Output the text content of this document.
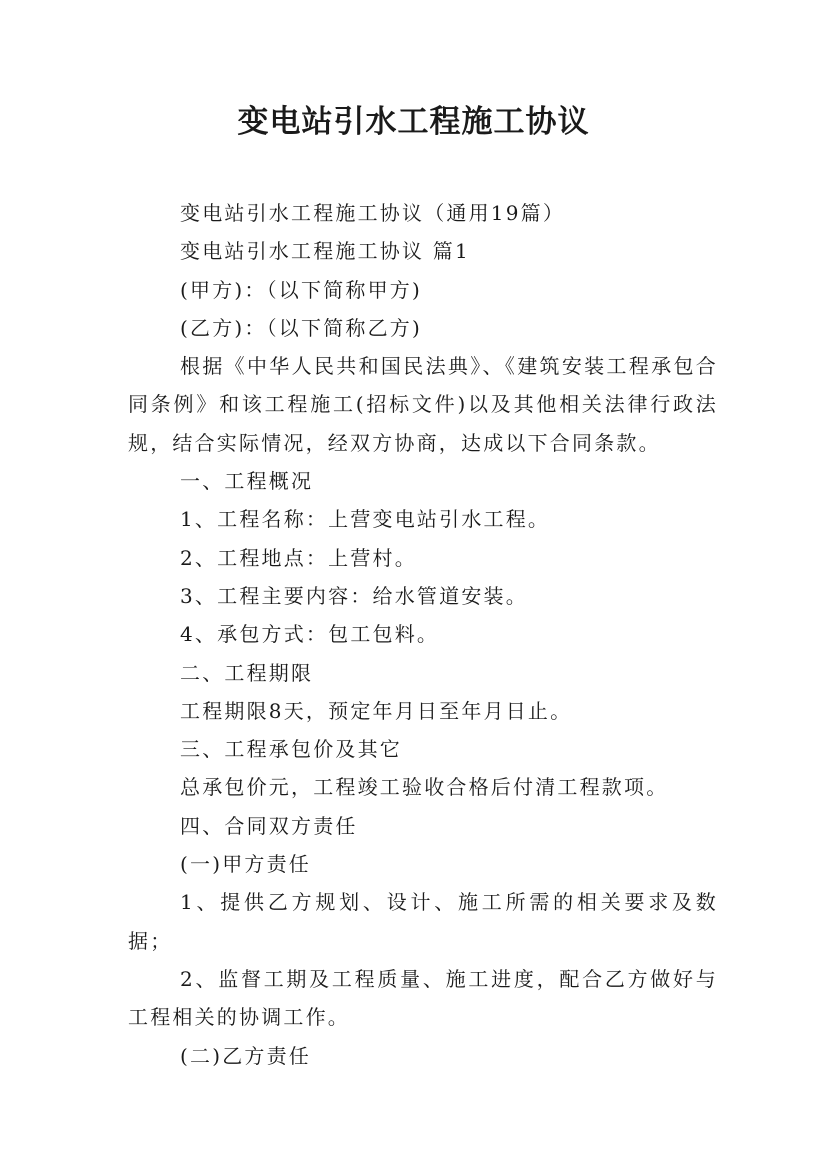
变电站引水工程施工协议

变电站引水工程施工协议（通用19篇）

变电站引水工程施工协议 篇1

(甲方)：（以下简称甲方)

(乙方)：（以下简称乙方)

根据《中华人民共和国民法典》、《建筑安装工程承包合同条例》和该工程施工(招标文件)以及其他相关法律行政法规，结合实际情况，经双方协商，达成以下合同条款。

一、工程概况

1、工程名称：上营变电站引水工程。

2、工程地点：上营村。

3、工程主要内容：给水管道安装。

4、承包方式：包工包料。

二、工程期限

工程期限8天，预定年月日至年月日止。

三、工程承包价及其它

总承包价元，工程竣工验收合格后付清工程款项。

四、合同双方责任

(一)甲方责任

1、提供乙方规划、设计、施工所需的相关要求及数据；

2、监督工期及工程质量、施工进度，配合乙方做好与工程相关的协调工作。

(二)乙方责任
